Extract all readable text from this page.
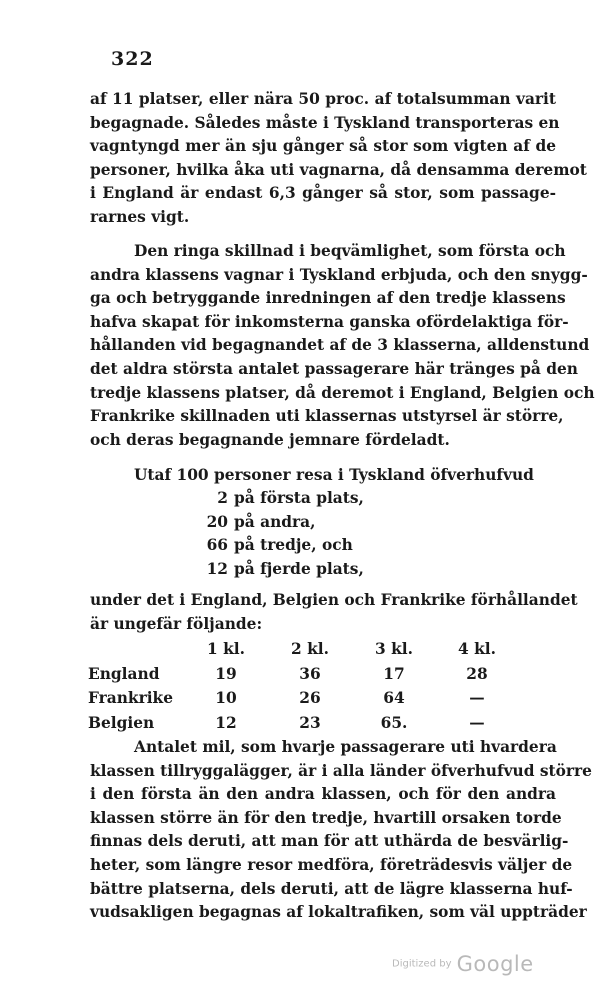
322
af 11 platser, eller nära 50 proc. af totalsumman varit
begagnade. Således måste i Tyskland transporteras en
vagntyngd mer än sju gånger så stor som vigten af de
personer, hvilka åka uti vagnarna, då densamma deremot
i England är endast 6,3 gånger så stor, som passage-
rarnes vigt.
Den ringa skillnad i beqvämlighet, som första och
andra klassens vagnar i Tyskland erbjuda, och den snygg-
ga och betryggande inredningen af den tredje klassens
hafva skapat för inkomsterna ganska ofördelaktiga för-
hållanden vid begagnandet af de 3 klasserna, alldenstund
det aldra största antalet passagerare här tränges på den
tredje klassens platser, då deremot i England, Belgien och
Frankrike skillnaden uti klassernas utstyrsel är större,
och deras begagnande jemnare fördeladt.
Utaf 100 personer resa i Tyskland öfverhufvud
2 på första plats,
20 på andra,
66 på tredje, och
12 på fjerde plats,
under det i England, Belgien och Frankrike förhållandet
är ungefär följande:
	1 kl.	2 kl.	3 kl.	4 kl.
England	19	36	17	28
Frankrike	10	26	64	—
Belgien	12	23	65.	—
Antalet mil, som hvarje passagerare uti hvardera
klassen tillryggalägger, är i alla länder öfverhufvud större
i den första än den andra klassen, och för den andra
klassen större än för den tredje, hvartill orsaken torde
finnas dels deruti, att man för att uthärda de besvärlig-
heter, som längre resor medföra, företrädesvis väljer de
bättre platserna, dels deruti, att de lägre klasserna huf-
vudsakligen begagnas af lokaltrafiken, som väl uppträder
Digitized by Google
